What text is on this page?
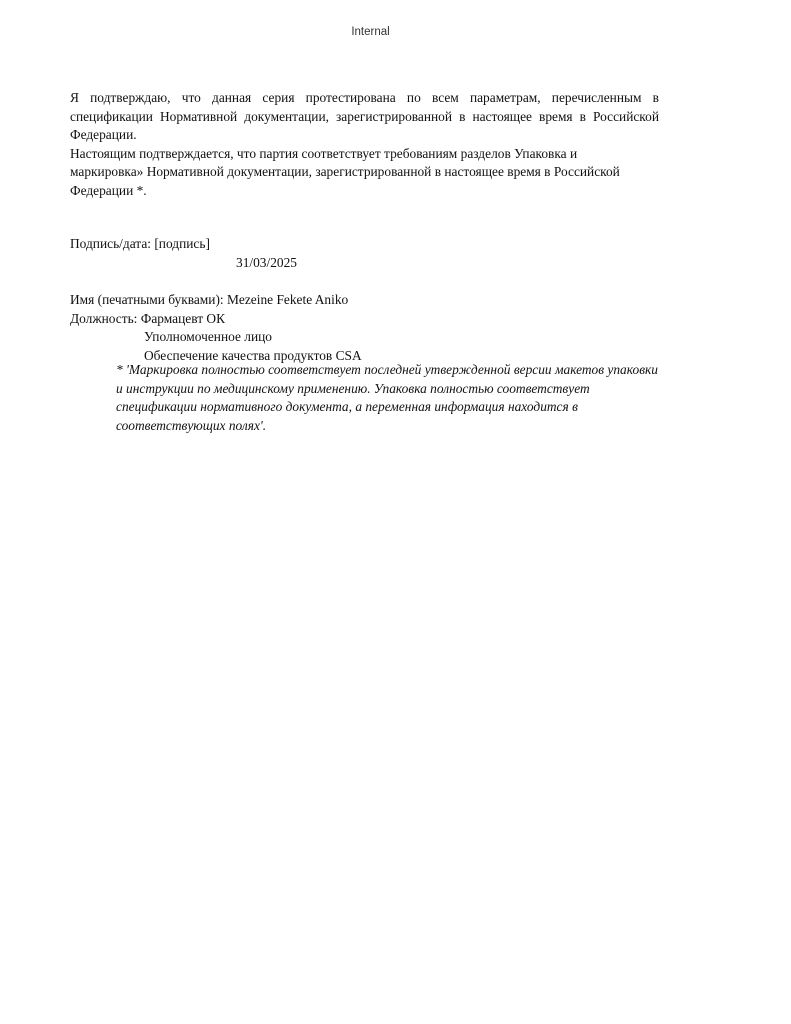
Internal

Я подтверждаю, что данная серия протестирована по всем параметрам, перечисленным в спецификации Нормативной документации, зарегистрированной в настоящее время в Российской Федерации.

Настоящим подтверждается, что партия соответствует требованиям разделов Упаковка и

маркировка» Нормативной документации, зарегистрированной в настоящее время в Российской

Федерации *.

Подпись/дата: [подпись]

31/03/2025

Имя (печатными буквами): Mezeine Fekete Aniko

Должность: Фармацевт ОК

Уполномоченное лицо

Обеспечение качества продуктов CSA

* 'Маркировка полностью соответствует последней утвержденной версии макетов упаковки и инструкции по медицинскому применению. Упаковка полностью соответствует спецификации нормативного документа, а переменная информация находится в соответствующих полях'.
